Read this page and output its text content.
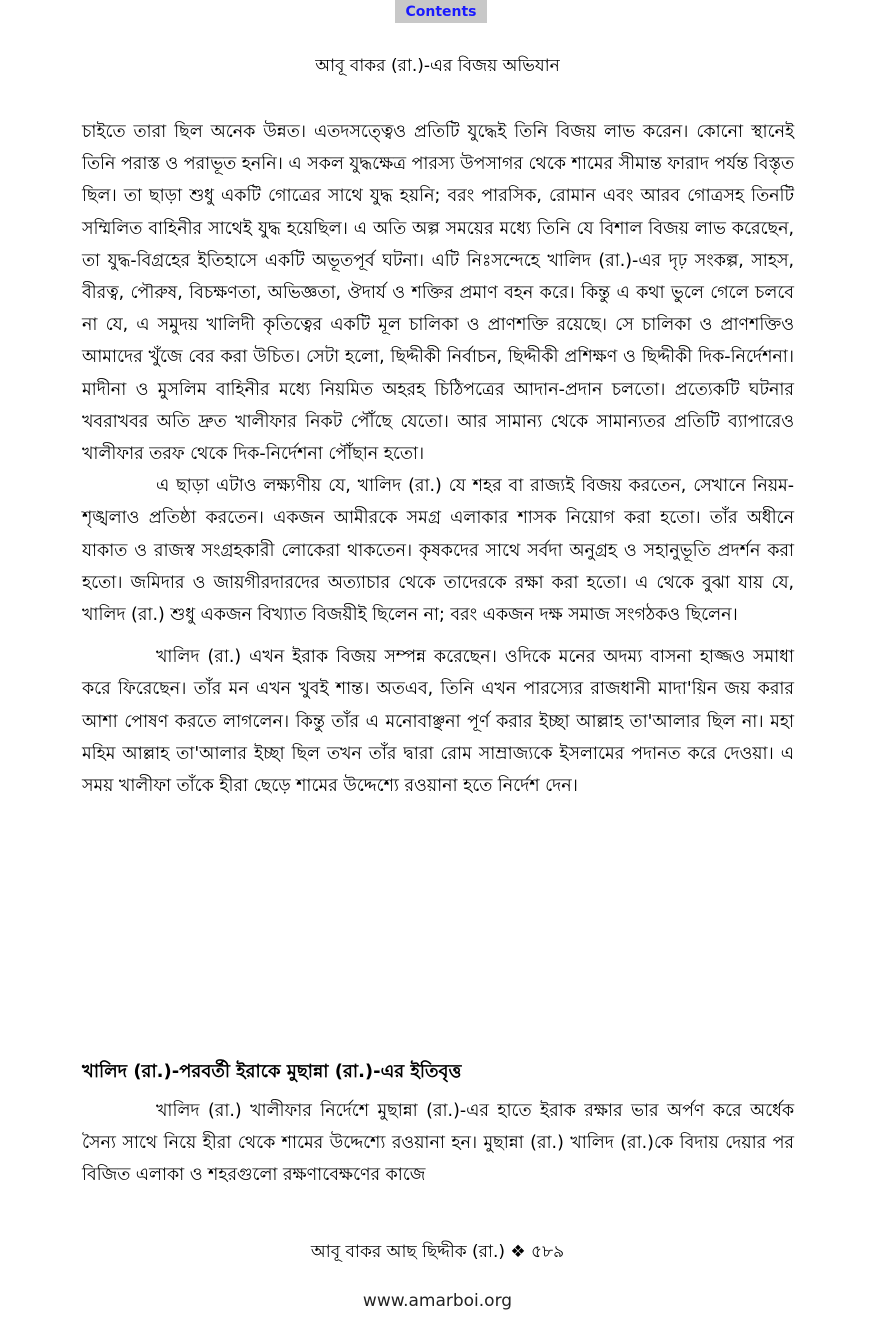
Contents
আবূ বাকর (রা.)-এর বিজয় অভিযান

চাইতে তারা ছিল অনেক উন্নত। এতদসত্ত্বেও প্রতিটি যুদ্ধেই তিনি বিজয় লাভ করেন। কোনো স্থানেই তিনি পরাস্ত ও পরাভূত হননি। এ সকল যুদ্ধক্ষেত্র পারস্য উপসাগর থেকে শামের সীমান্ত ফারাদ পর্যন্ত বিস্তৃত ছিল। তা ছাড়া শুধু একটি গোত্রের সাথে যুদ্ধ হয়নি; বরং পারসিক, রোমান এবং আরব গোত্রসহ তিনটি সম্মিলিত বাহিনীর সাথেই যুদ্ধ হয়েছিল। এ অতি অল্প সময়ের মধ্যে তিনি যে বিশাল বিজয় লাভ করেছেন, তা যুদ্ধ-বিগ্রহের ইতিহাসে একটি অভূতপূর্ব ঘটনা। এটি নিঃসন্দেহে খালিদ (রা.)-এর দৃঢ় সংকল্প, সাহস, বীরত্ব, পৌরুষ, বিচক্ষণতা, অভিজ্ঞতা, ঔদার্য ও শক্তির প্রমাণ বহন করে। কিন্তু এ কথা ভুলে গেলে চলবে না যে, এ সমুদয় খালিদী কৃতিত্বের একটি মূল চালিকা ও প্রাণশক্তি রয়েছে। সে চালিকা ও প্রাণশক্তিও আমাদের খুঁজে বের করা উচিত। সেটা হলো, ছিদ্দীকী নির্বাচন, ছিদ্দীকী প্রশিক্ষণ ও ছিদ্দীকী দিক-নির্দেশনা। মাদীনা ও মুসলিম বাহিনীর মধ্যে নিয়মিত অহরহ চিঠিপত্রের আদান-প্রদান চলতো। প্রত্যেকটি ঘটনার খবরাখবর অতি দ্রুত খালীফার নিকট পৌঁছে যেতো। আর সামান্য থেকে সামান্যতর প্রতিটি ব্যাপারেও খালীফার তরফ থেকে দিক-নির্দেশনা পৌঁছান হতো।

এ ছাড়া এটাও লক্ষ্যণীয় যে, খালিদ (রা.) যে শহর বা রাজ্যই বিজয় করতেন, সেখানে নিয়ম-শৃঙ্খলাও প্রতিষ্ঠা করতেন। একজন আমীরকে সমগ্র এলাকার শাসক নিয়োগ করা হতো। তাঁর অধীনে যাকাত ও রাজস্ব সংগ্রহকারী লোকেরা থাকতেন। কৃষকদের সাথে সর্বদা অনুগ্রহ ও সহানুভূতি প্রদর্শন করা হতো। জমিদার ও জায়গীরদারদের অত্যাচার থেকে তাদেরকে রক্ষা করা হতো। এ থেকে বুঝা যায় যে, খালিদ (রা.) শুধু একজন বিখ্যাত বিজয়ীই ছিলেন না; বরং একজন দক্ষ সমাজ সংগঠকও ছিলেন।

খালিদ (রা.) এখন ইরাক বিজয় সম্পন্ন করেছেন। ওদিকে মনের অদম্য বাসনা হাজ্জও সমাধা করে ফিরেছেন। তাঁর মন এখন খুবই শান্ত। অতএব, তিনি এখন পারস্যের রাজধানী মাদা'য়িন জয় করার আশা পোষণ করতে লাগলেন। কিন্তু তাঁর এ মনোবাঞ্ছনা পূর্ণ করার ইচ্ছা আল্লাহ তা'আলার ছিল না। মহা মহিম আল্লাহ তা'আলার ইচ্ছা ছিল তখন তাঁর দ্বারা রোম সাম্রাজ্যকে ইসলামের পদানত করে দেওয়া। এ সময় খালীফা তাঁকে হীরা ছেড়ে শামের উদ্দেশ্যে রওয়ানা হতে নির্দেশ দেন।

খালিদ (রা.)-পরবর্তী ইরাকে মুছান্না (রা.)-এর ইতিবৃত্ত

খালিদ (রা.) খালীফার নির্দেশে মুছান্না (রা.)-এর হাতে ইরাক রক্ষার ভার অর্পণ করে অর্ধেক সৈন্য সাথে নিয়ে হীরা থেকে শামের উদ্দেশ্যে রওয়ানা হন। মুছান্না (রা.) খালিদ (রা.)কে বিদায় দেয়ার পর বিজিত এলাকা ও শহরগুলো রক্ষণাবেক্ষণের কাজে

আবূ বাকর আছ ছিদ্দীক (রা.) ❖ ৫৮৯
www.amarboi.org
